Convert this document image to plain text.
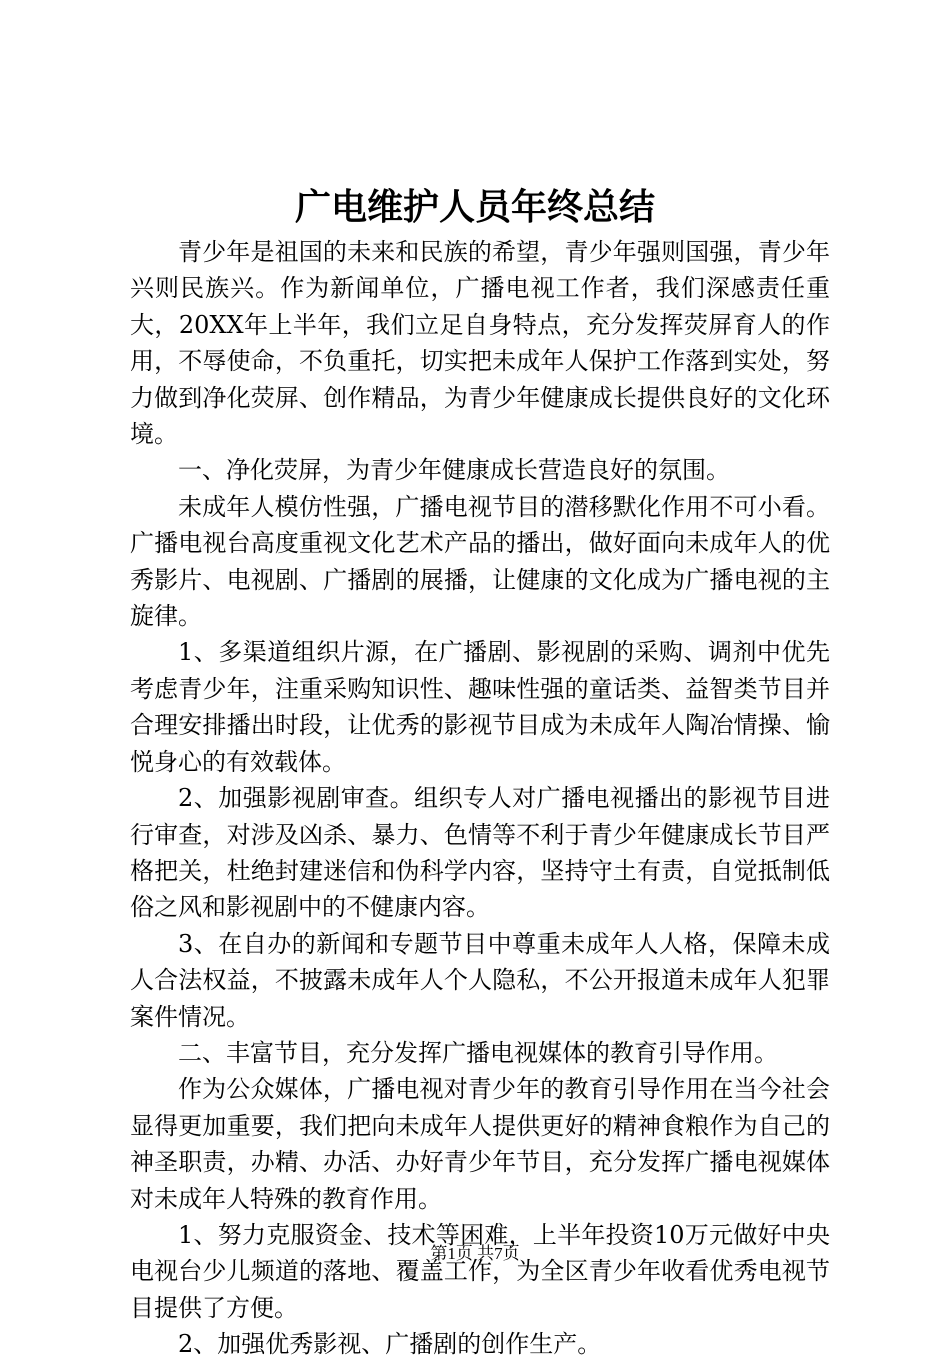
广电维护人员年终总结

青少年是祖国的未来和民族的希望，青少年强则国强，青少年兴则民族兴。作为新闻单位，广播电视工作者，我们深感责任重大，20XX年上半年，我们立足自身特点，充分发挥荧屏育人的作用，不辱使命，不负重托，切实把未成年人保护工作落到实处，努力做到净化荧屏、创作精品，为青少年健康成长提供良好的文化环境。

一、净化荧屏，为青少年健康成长营造良好的氛围。

未成年人模仿性强，广播电视节目的潜移默化作用不可小看。广播电视台高度重视文化艺术产品的播出，做好面向未成年人的优秀影片、电视剧、广播剧的展播，让健康的文化成为广播电视的主旋律。

1、多渠道组织片源，在广播剧、影视剧的采购、调剂中优先考虑青少年，注重采购知识性、趣味性强的童话类、益智类节目并合理安排播出时段，让优秀的影视节目成为未成年人陶冶情操、愉悦身心的有效载体。

2、加强影视剧审查。组织专人对广播电视播出的影视节目进行审查，对涉及凶杀、暴力、色情等不利于青少年健康成长节目严格把关，杜绝封建迷信和伪科学内容，坚持守土有责，自觉抵制低俗之风和影视剧中的不健康内容。

3、在自办的新闻和专题节目中尊重未成年人人格，保障未成人合法权益，不披露未成年人个人隐私，不公开报道未成年人犯罪案件情况。

二、丰富节目，充分发挥广播电视媒体的教育引导作用。

作为公众媒体，广播电视对青少年的教育引导作用在当今社会显得更加重要，我们把向未成年人提供更好的精神食粮作为自己的神圣职责，办精、办活、办好青少年节目，充分发挥广播电视媒体对未成年人特殊的教育作用。

1、努力克服资金、技术等困难，上半年投资10万元做好中央电视台少儿频道的落地、覆盖工作，为全区青少年收看优秀电视节目提供了方便。

2、加强优秀影视、广播剧的创作生产。

第1页 共7页
